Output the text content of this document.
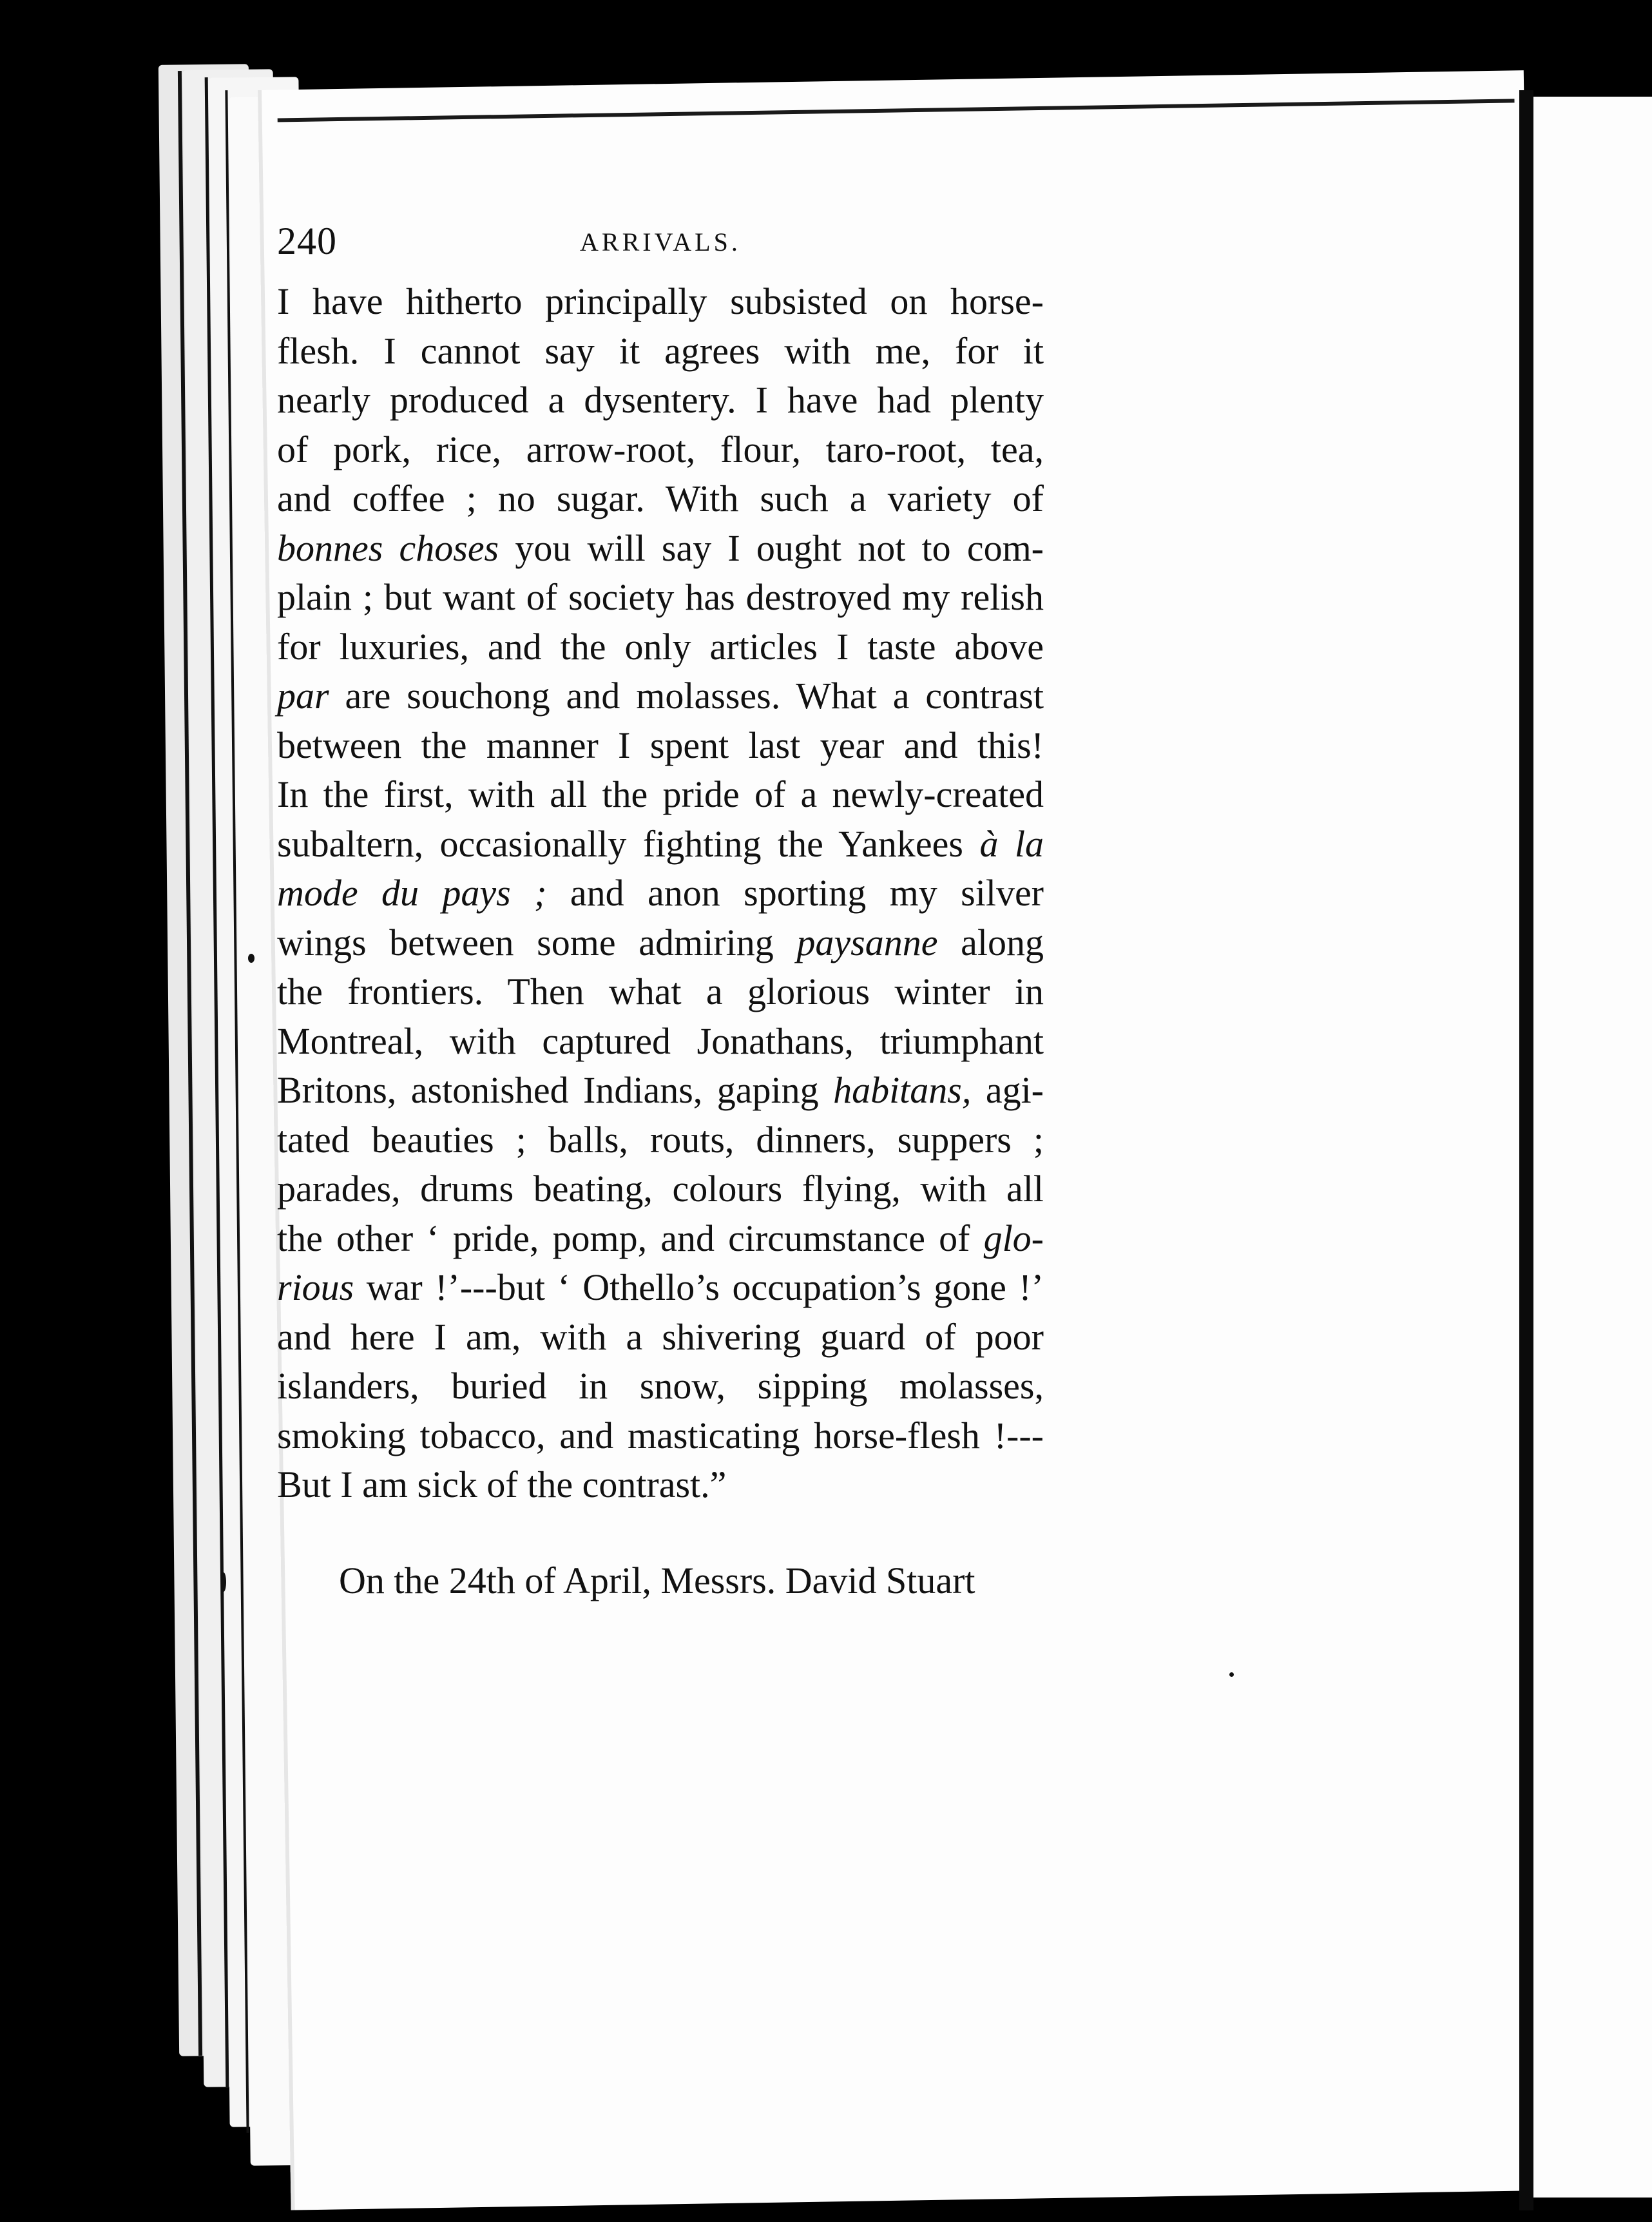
240	ARRIVALS.
I have hitherto principally subsisted on horse-
flesh. I cannot say it agrees with me, for it
nearly produced a dysentery. I have had plenty
of pork, rice, arrow-root, flour, taro-root, tea,
and coffee ; no sugar. With such a variety of
bonnes choses you will say I ought not to com-
plain ; but want of society has destroyed my relish
for luxuries, and the only articles I taste above
par are souchong and molasses. What a contrast
between the manner I spent last year and this!
In the first, with all the pride of a newly-created
subaltern, occasionally fighting the Yankees à la
mode du pays ; and anon sporting my silver
wings between some admiring paysanne along
the frontiers. Then what a glorious winter in
Montreal, with captured Jonathans, triumphant
Britons, astonished Indians, gaping habitans, agi-
tated beauties ; balls, routs, dinners, suppers ;
parades, drums beating, colours flying, with all
the other ‘ pride, pomp, and circumstance of glo-
rious war !’---but ‘ Othello’s occupation’s gone !’
and here I am, with a shivering guard of poor
islanders, buried in snow, sipping molasses,
smoking tobacco, and masticating horse-flesh !---
But I am sick of the contrast.”
On the 24th of April, Messrs. David Stuart
